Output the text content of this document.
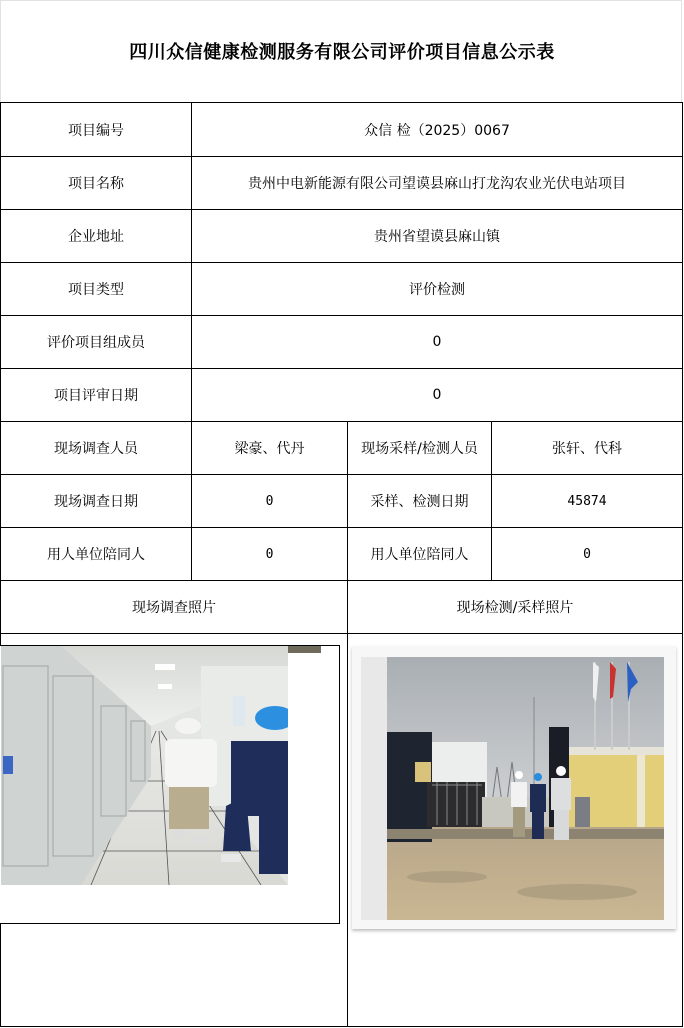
四川众信健康检测服务有限公司评价项目信息公示表
项目编号	众信 检（2025）0067
项目名称	贵州中电新能源有限公司望谟县麻山打龙沟农业光伏电站项目
企业地址	贵州省望谟县麻山镇
项目类型	评价检测
评价项目组成员	0
项目评审日期	0
现场调查人员	梁豪、代丹	现场采样/检测人员	张轩、代科
现场调查日期	0	采样、检测日期	45874
用人单位陪同人	0	用人单位陪同人	0
现场调查照片	现场检测/采样照片
